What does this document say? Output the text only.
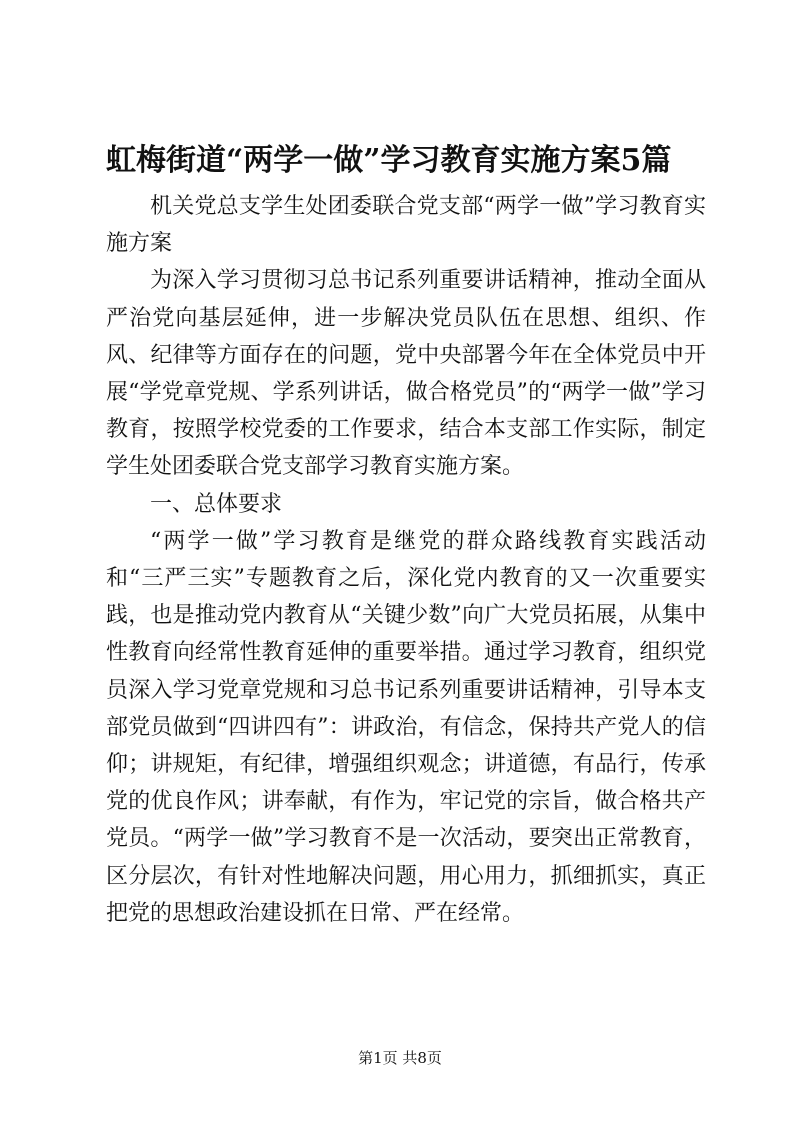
虹梅街道“两学一做”学习教育实施方案5篇

机关党总支学生处团委联合党支部“两学一做”学习教育实施方案

为深入学习贯彻习总书记系列重要讲话精神，推动全面从严治党向基层延伸，进一步解决党员队伍在思想、组织、作风、纪律等方面存在的问题，党中央部署今年在全体党员中开展“学党章党规、学系列讲话，做合格党员”的“两学一做”学习教育，按照学校党委的工作要求，结合本支部工作实际，制定学生处团委联合党支部学习教育实施方案。

一、总体要求

“两学一做”学习教育是继党的群众路线教育实践活动和“三严三实”专题教育之后，深化党内教育的又一次重要实践，也是推动党内教育从“关键少数”向广大党员拓展，从集中性教育向经常性教育延伸的重要举措。通过学习教育，组织党员深入学习党章党规和习总书记系列重要讲话精神，引导本支部党员做到“四讲四有”：讲政治，有信念，保持共产党人的信仰；讲规矩，有纪律，增强组织观念；讲道德，有品行，传承党的优良作风；讲奉献，有作为，牢记党的宗旨，做合格共产党员。“两学一做”学习教育不是一次活动，要突出正常教育，区分层次，有针对性地解决问题，用心用力，抓细抓实，真正把党的思想政治建设抓在日常、严在经常。

第1页 共8页
